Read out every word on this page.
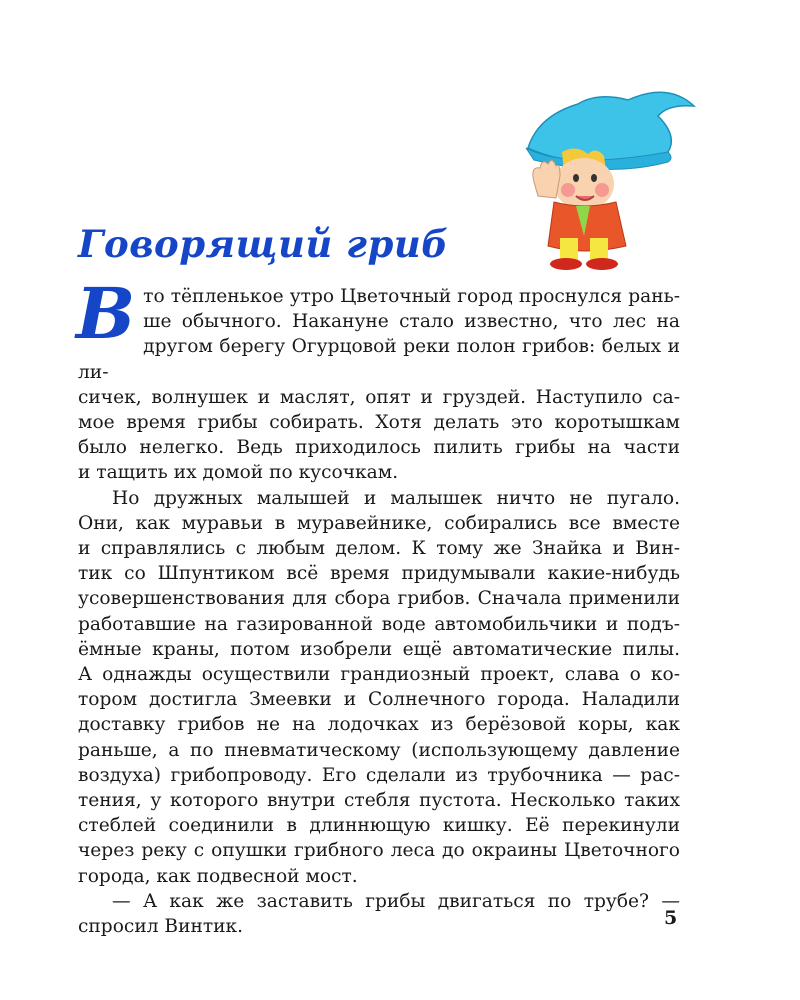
Говорящий гриб

В то тёпленькое утро Цветочный город проснулся рань-
ше обычного. Накануне стало известно, что лес на
другом берегу Огурцовой реки полон грибов: белых и ли-
сичек, волнушек и маслят, опят и груздей. Наступило са-
мое время грибы собирать. Хотя делать это коротышкам
было нелегко. Ведь приходилось пилить грибы на части
и тащить их домой по кусочкам.

Но дружных малышей и малышек ничто не пугало.
Они, как муравьи в муравейнике, собирались все вместе
и справлялись с любым делом. К тому же Знайка и Вин-
тик со Шпунтиком всё время придумывали какие-нибудь
усовершенствования для сбора грибов. Сначала применили
работавшие на газированной воде автомобильчики и подъ-
ёмные краны, потом изобрели ещё автоматические пилы.
А однажды осуществили грандиозный проект, слава о ко-
тором достигла Змеевки и Солнечного города. Наладили
доставку грибов не на лодочках из берёзовой коры, как
раньше, а по пневматическому (использующему давление
воздуха) грибопроводу. Его сделали из трубочника — рас-
тения, у которого внутри стебля пустота. Несколько таких
стеблей соединили в длиннющую кишку. Её перекинули
через реку с опушки грибного леса до окраины Цветочного
города, как подвесной мост.

— А как же заставить грибы двигаться по трубе? —
спросил Винтик.	5
